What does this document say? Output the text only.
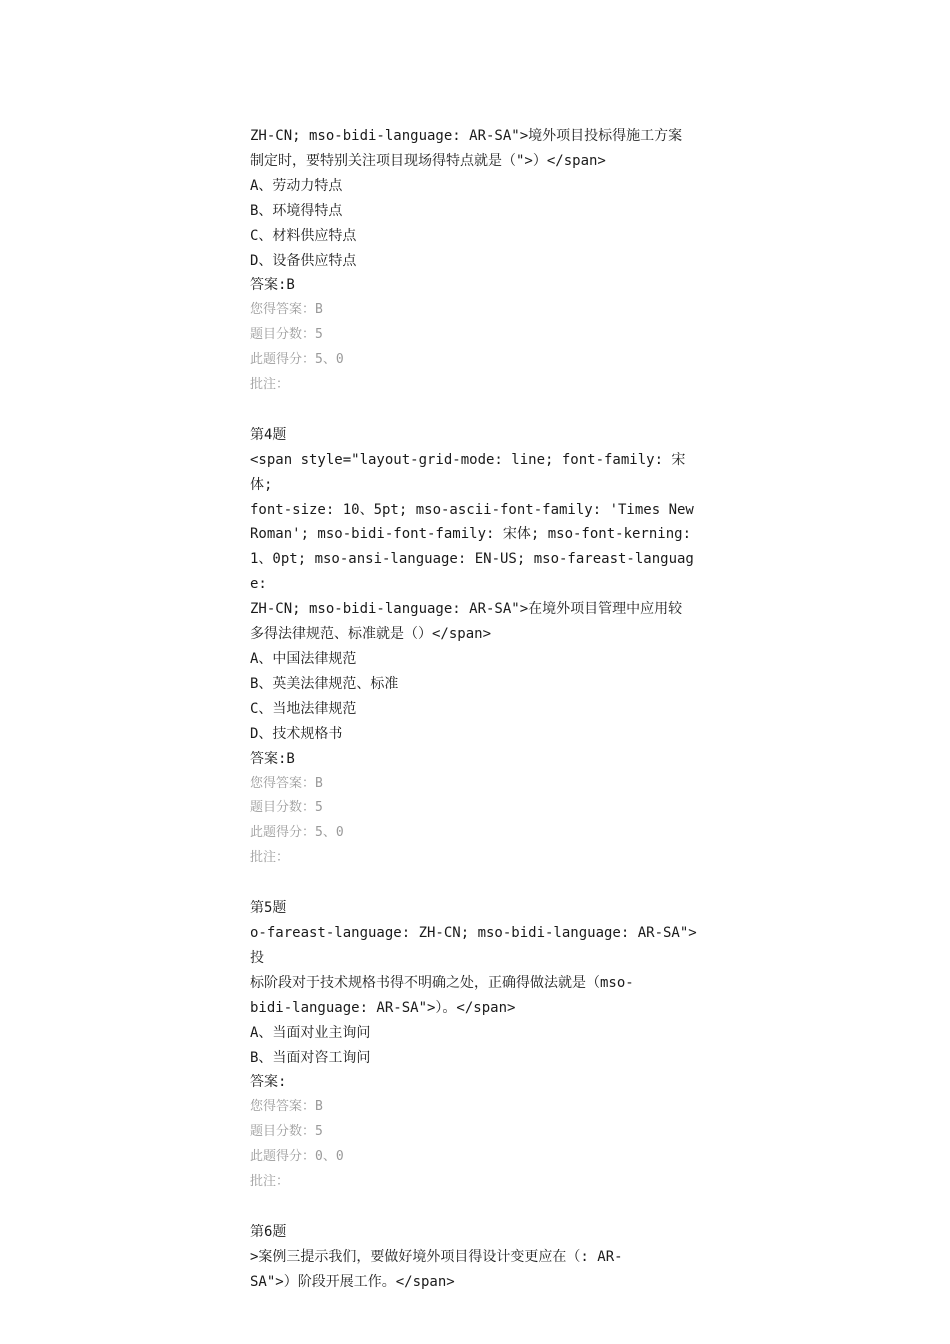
ZH-CN; mso-bidi-language: AR-SA">境外项目投标得施工方案
制定时，要特别关注项目现场得特点就是（">）</span>
A、劳动力特点
B、环境得特点
C、材料供应特点
D、设备供应特点
答案:B
您得答案：B
题目分数：5
此题得分：5、0
批注：
第4题
<span style="layout-grid-mode: line; font-family: 宋体;
font-size: 10、5pt; mso-ascii-font-family: 'Times New
Roman'; mso-bidi-font-family: 宋体; mso-font-kerning:
1、0pt; mso-ansi-language: EN-US; mso-fareast-language:
ZH-CN; mso-bidi-language: AR-SA">在境外项目管理中应用较
多得法律规范、标准就是（）</span>
A、中国法律规范
B、英美法律规范、标准
C、当地法律规范
D、技术规格书
答案:B
您得答案：B
题目分数：5
此题得分：5、0
批注：
第5题
o-fareast-language: ZH-CN; mso-bidi-language: AR-SA">投
标阶段对于技术规格书得不明确之处，正确得做法就是（mso-
bidi-language: AR-SA">）。</span>
A、当面对业主询问
B、当面对咨工询问
答案:
您得答案：B
题目分数：5
此题得分：0、0
批注：
第6题
>案例三提示我们，要做好境外项目得设计变更应在（: AR-
SA">）阶段开展工作。</span>
